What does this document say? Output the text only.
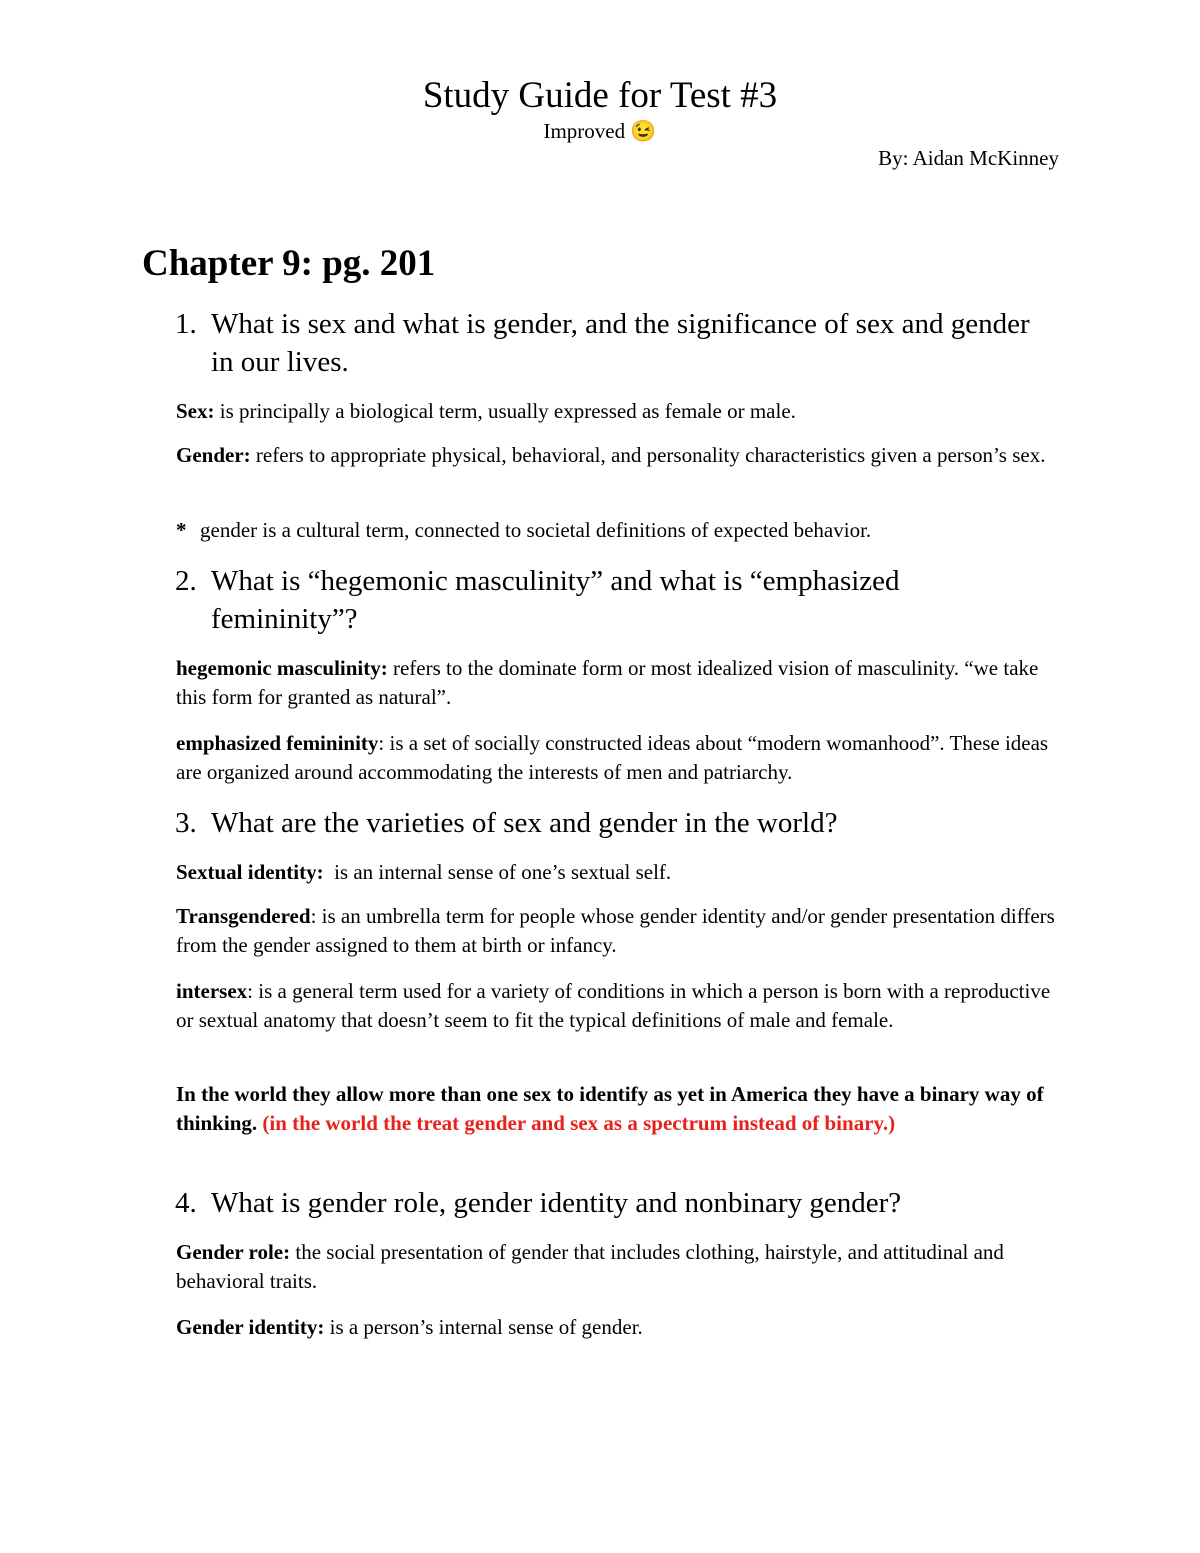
Study Guide for Test #3
Improved 😉
By: Aidan McKinney
Chapter 9: pg. 201
1. What is sex and what is gender, and the significance of sex and gender in our lives.
Sex: is principally a biological term, usually expressed as female or male.
Gender: refers to appropriate physical, behavioral, and personality characteristics given a person’s sex.
* gender is a cultural term, connected to societal definitions of expected behavior.
2. What is “hegemonic masculinity” and what is “emphasized femininity”?
hegemonic masculinity: refers to the dominate form or most idealized vision of masculinity. “we take this form for granted as natural”.
emphasized femininity: is a set of socially constructed ideas about “modern womanhood”. These ideas are organized around accommodating the interests of men and patriarchy.
3. What are the varieties of sex and gender in the world?
Sextual identity:  is an internal sense of one’s sextual self.
Transgendered: is an umbrella term for people whose gender identity and/or gender presentation differs from the gender assigned to them at birth or infancy.
intersex: is a general term used for a variety of conditions in which a person is born with a reproductive or sextual anatomy that doesn’t seem to fit the typical definitions of male and female.
In the world they allow more than one sex to identify as yet in America they have a binary way of thinking. (in the world the treat gender and sex as a spectrum instead of binary.)
4. What is gender role, gender identity and nonbinary gender?
Gender role: the social presentation of gender that includes clothing, hairstyle, and attitudinal and behavioral traits.
Gender identity: is a person’s internal sense of gender.
